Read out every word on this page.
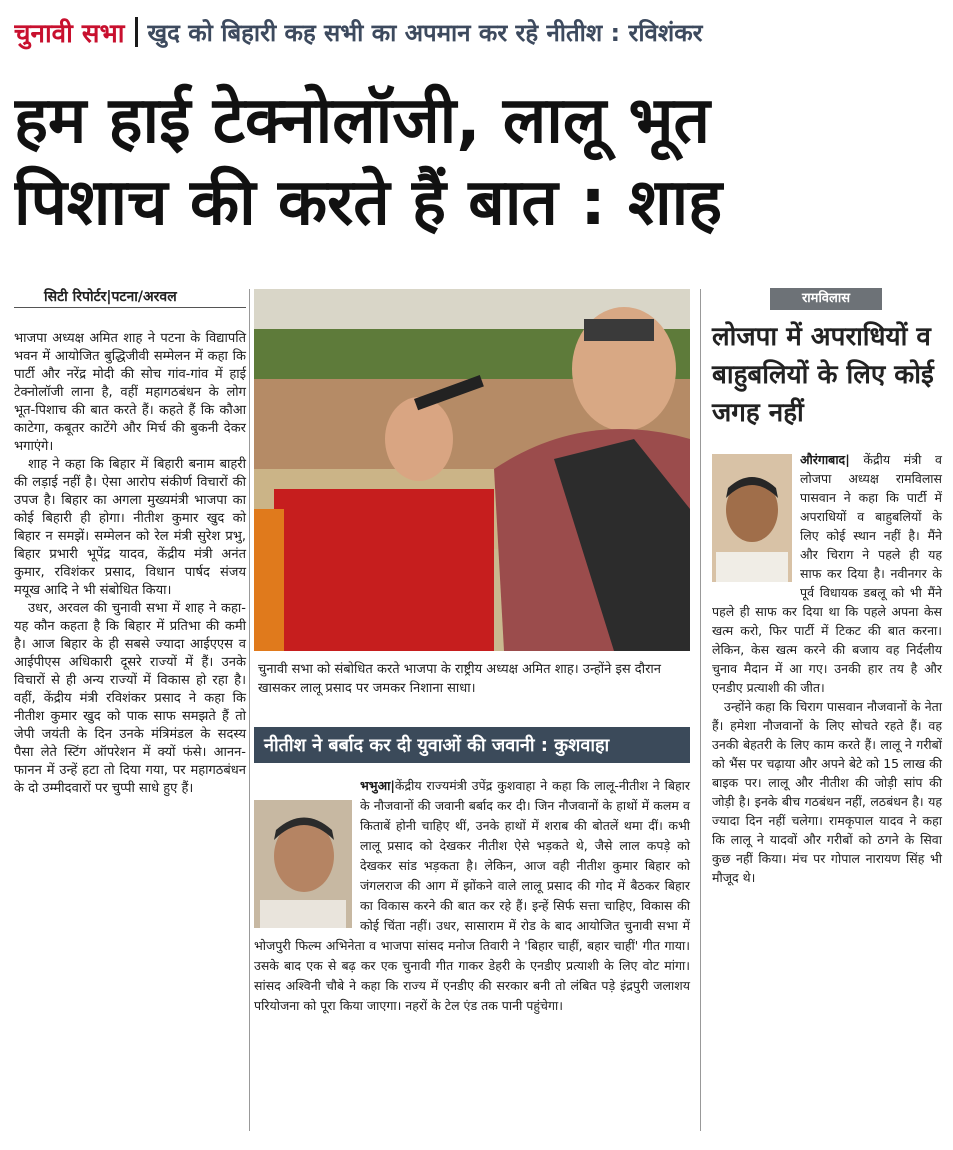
चुनावी सभा खुद को बिहारी कह सभी का अपमान कर रहे नीतीश : रविशंकर
हम हाई टेक्नोलॉजी, लालू भूत
पिशाच की करते हैं बात : शाह
सिटी रिपोर्टर|पटना/अरवल

भाजपा अध्यक्ष अमित शाह ने पटना के विद्यापति भवन में आयोजित बुद्धिजीवी सम्मेलन में कहा कि पार्टी और नरेंद्र मोदी की सोच गांव-गांव में हाई टेक्नोलॉजी लाना है, वहीं महागठबंधन के लोग भूत-पिशाच की बात करते हैं। कहते हैं कि कौआ काटेगा, कबूतर काटेंगे और मिर्च की बुकनी देकर भगाएंगे।

शाह ने कहा कि बिहार में बिहारी बनाम बाहरी की लड़ाई नहीं है। ऐसा आरोप संकीर्ण विचारों की उपज है। बिहार का अगला मुख्यमंत्री भाजपा का कोई बिहारी ही होगा। नीतीश कुमार खुद को बिहार न समझें। सम्मेलन को रेल मंत्री सुरेश प्रभु, बिहार प्रभारी भूपेंद्र यादव, केंद्रीय मंत्री अनंत कुमार, रविशंकर प्रसाद, विधान पार्षद संजय मयूख आदि ने भी संबोधित किया।

उधर, अरवल की चुनावी सभा में शाह ने कहा- यह कौन कहता है कि बिहार में प्रतिभा की कमी है। आज बिहार के ही सबसे ज्यादा आईएएस व आईपीएस अधिकारी दूसरे राज्यों में हैं। उनके विचारों से ही अन्य राज्यों में विकास हो रहा है। वहीं, केंद्रीय मंत्री रविशंकर प्रसाद ने कहा कि नीतीश कुमार खुद को पाक साफ समझते हैं तो जेपी जयंती के दिन उनके मंत्रिमंडल के सदस्य पैसा लेते स्टिंग ऑपरेशन में क्यों फंसे। आनन-फानन में उन्हें हटा तो दिया गया, पर महागठबंधन के दो उम्मीदवारों पर चुप्पी साधे हुए हैं।

चुनावी सभा को संबोधित करते भाजपा के राष्ट्रीय अध्यक्ष अमित शाह। उन्होंने इस दौरान खासकर लालू प्रसाद पर जमकर निशाना साधा।
नीतीश ने बर्बाद कर दी युवाओं की जवानी : कुशवाहा
भभुआ|केंद्रीय राज्यमंत्री उपेंद्र कुशवाहा ने कहा कि लालू-नीतीश ने बिहार के नौजवानों की जवानी बर्बाद कर दी। जिन नौजवानों के हाथों में कलम व किताबें होनी चाहिए थीं, उनके हाथों में शराब की बोतलें थमा दीं। कभी लालू प्रसाद को देखकर नीतीश ऐसे भड़कते थे, जैसे लाल कपड़े को देखकर सांड भड़कता है। लेकिन, आज वही नीतीश कुमार बिहार को जंगलराज की आग में झोंकने वाले लालू प्रसाद की गोद में बैठकर बिहार का विकास करने की बात कर रहे हैं। इन्हें सिर्फ सत्ता चाहिए, विकास की कोई चिंता नहीं। उधर, सासाराम में रोड के बाद आयोजित चुनावी सभा में भोजपुरी फिल्म अभिनेता व भाजपा सांसद मनोज तिवारी ने 'बिहार चाहीं, बहार चाहीं' गीत गाया। उसके बाद एक से बढ़ कर एक चुनावी गीत गाकर डेहरी के एनडीए प्रत्याशी के लिए वोट मांगा। सांसद अश्विनी चौबे ने कहा कि राज्य में एनडीए की सरकार बनी तो लंबित पड़े इंद्रपुरी जलाशय परियोजना को पूरा किया जाएगा। नहरों के टेल एंड तक पानी पहुंचेगा।
रामविलास
लोजपा में अपराधियों व बाहुबलियों के लिए कोई जगह नहीं

औरंगाबाद| केंद्रीय मंत्री व लोजपा अध्यक्ष रामविलास पासवान ने कहा कि पार्टी में अपराधियों व बाहुबलियों के लिए कोई स्थान नहीं है। मैंने और चिराग ने पहले ही यह साफ कर दिया है। नवीनगर के पूर्व विधायक डबलू को भी मैंने पहले ही साफ कर दिया था कि पहले अपना केस खत्म करो, फिर पार्टी में टिकट की बात करना। लेकिन, केस खत्म करने की बजाय वह निर्दलीय चुनाव मैदान में आ गए। उनकी हार तय है और एनडीए प्रत्याशी की जीत।

उन्होंने कहा कि चिराग पासवान नौजवानों के नेता हैं। हमेशा नौजवानों के लिए सोचते रहते हैं। वह उनकी बेहतरी के लिए काम करते हैं। लालू ने गरीबों को भैंस पर चढ़ाया और अपने बेटे को 15 लाख की बाइक पर। लालू और नीतीश की जोड़ी सांप की जोड़ी है। इनके बीच गठबंधन नहीं, लठबंधन है। यह ज्यादा दिन नहीं चलेगा। रामकृपाल यादव ने कहा कि लालू ने यादवों और गरीबों को ठगने के सिवा कुछ नहीं किया। मंच पर गोपाल नारायण सिंह भी मौजूद थे।
